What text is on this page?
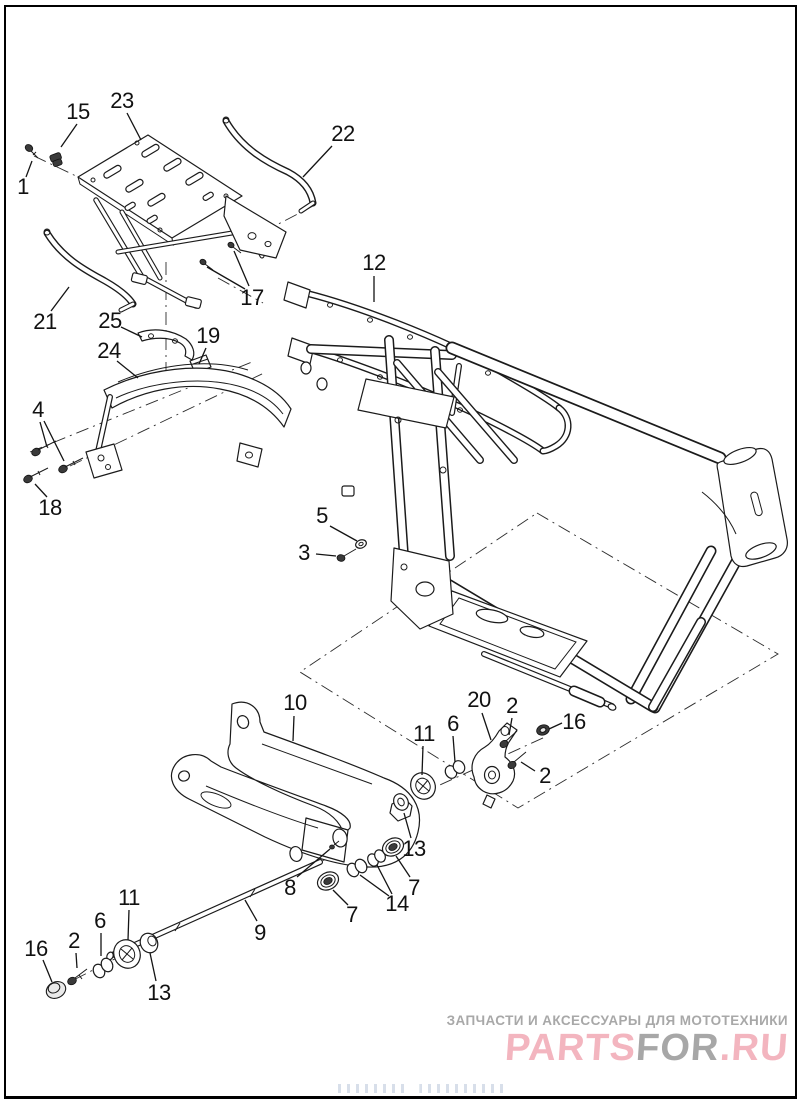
1
15 23
22
12
17
21 25
24
19
4
18	5
3
10	20 2
16
6
11
2
13
7
8
14
7
9
16 2
6
11
13
ЗАПЧАСТИ И АКСЕССУАРЫ ДЛЯ МОТОТЕХНИКИ
PARTSFOR.RU
